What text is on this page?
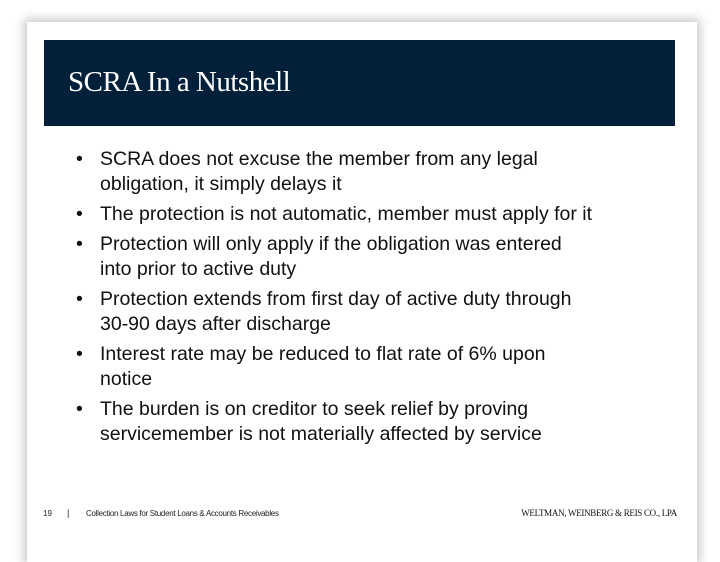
SCRA In a Nutshell
• SCRA does not excuse the member from any legal
obligation, it simply delays it
• The protection is not automatic, member must apply for it
• Protection will only apply if the obligation was entered
into prior to active duty
• Protection extends from first day of active duty through
30-90 days after discharge
• Interest rate may be reduced to flat rate of 6% upon
notice
• The burden is on creditor to seek relief by proving
servicemember is not materially affected by service
19 | Collection Laws for Student Loans & Accounts Receivables	WELTMAN, WEINBERG & REIS CO., LPA
